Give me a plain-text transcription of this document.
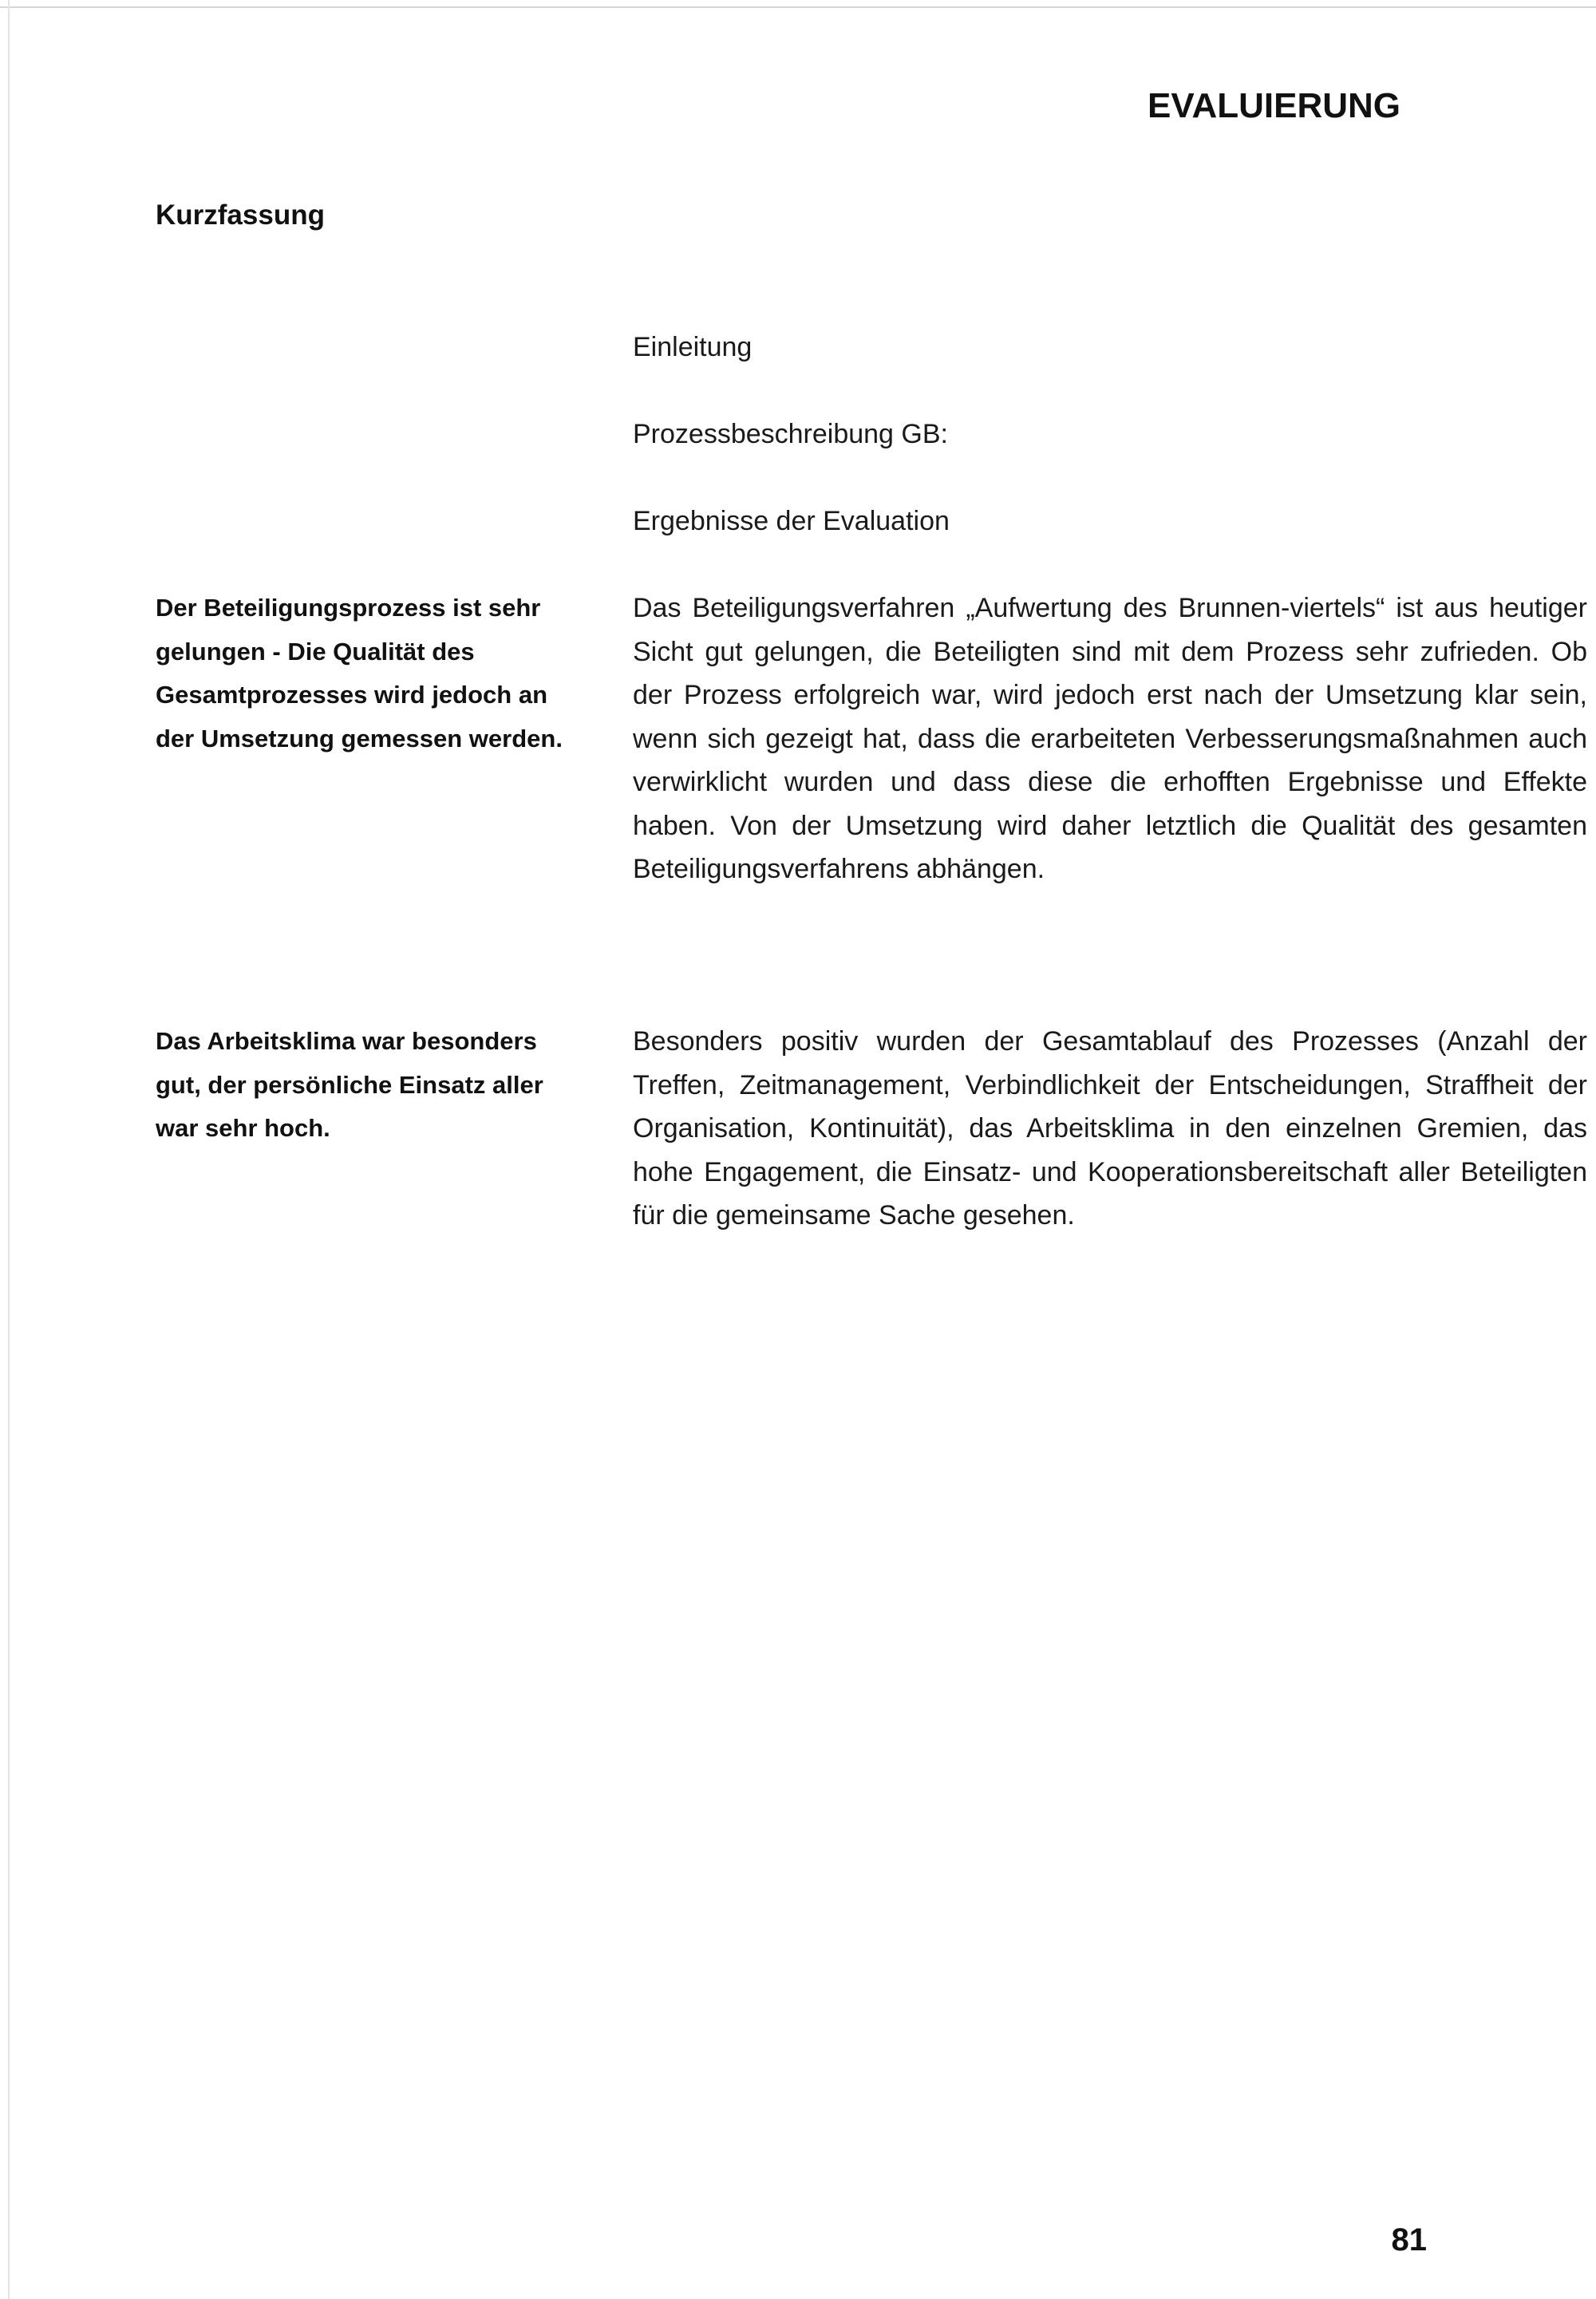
EVALUIERUNG
Kurzfassung
Einleitung
Prozessbeschreibung GB:
Ergebnisse der Evaluation
Der Beteiligungsprozess ist sehr gelungen - Die Qualität des Gesamtprozesses wird jedoch an der Umsetzung gemessen werden.
Das Beteiligungsverfahren „Aufwertung des Brunnen-viertels“ ist aus heutiger Sicht gut gelungen, die Beteiligten sind mit dem Prozess sehr zufrieden. Ob der Prozess erfolgreich war, wird jedoch erst nach der Umsetzung klar sein, wenn sich gezeigt hat, dass die erarbeiteten Verbesserungsmaßnahmen auch verwirklicht wurden und dass diese die erhofften Ergebnisse und Effekte haben. Von der Umsetzung wird daher letztlich die Qualität des gesamten Beteiligungsverfahrens abhängen.
Das Arbeitsklima war besonders gut, der persönliche Einsatz aller war sehr hoch.
Besonders positiv wurden der Gesamtablauf des Prozesses (Anzahl der Treffen, Zeitmanagement, Verbindlichkeit der Entscheidungen, Straffheit der Organisation, Kontinuität), das Arbeitsklima in den einzelnen Gremien, das hohe Engagement, die Einsatz- und Kooperationsbereitschaft aller Beteiligten für die gemeinsame Sache gesehen.
81
